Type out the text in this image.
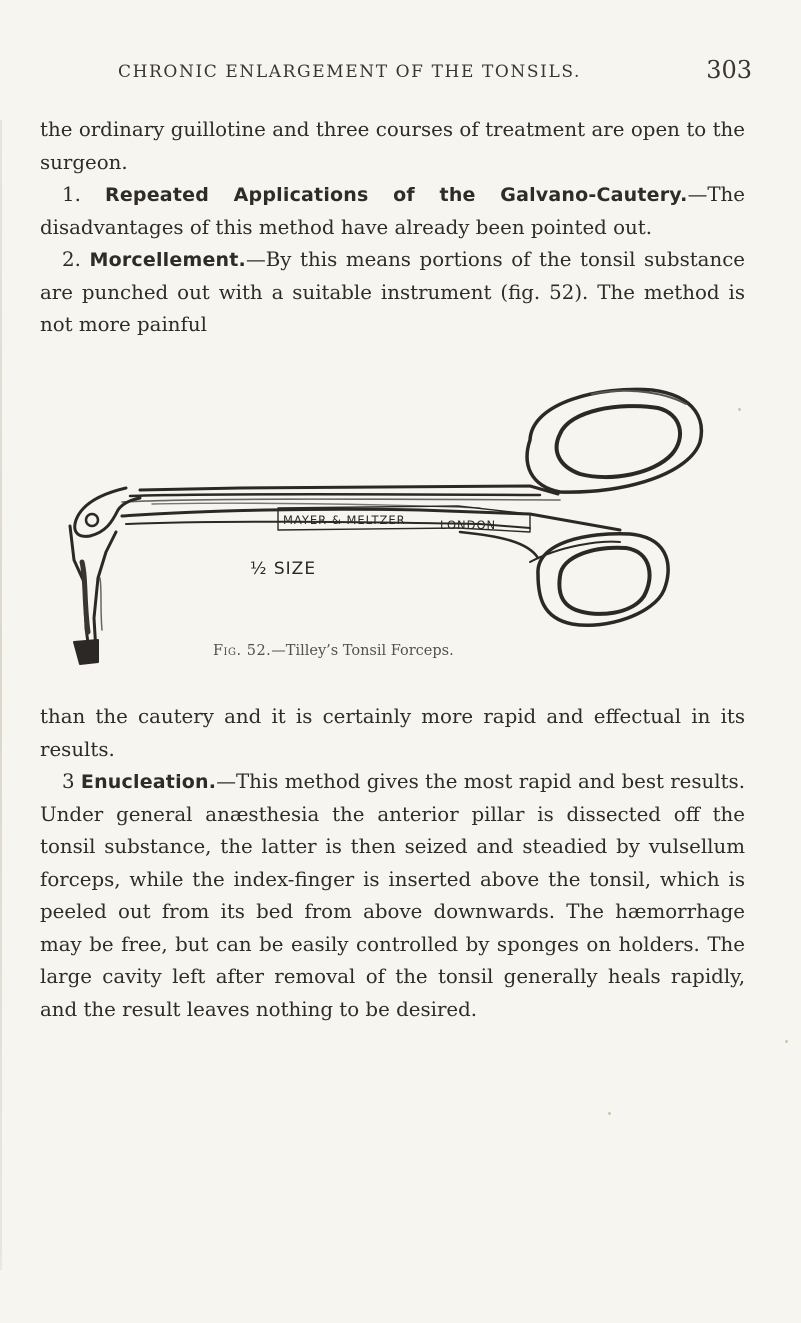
CHRONIC ENLARGEMENT OF THE TONSILS.	303

the ordinary guillotine and three courses of treatment are open to the surgeon.

1. Repeated Applications of the Galvano-Cautery.—The disadvantages of this method have already been pointed out.

2. Morcellement.—By this means portions of the tonsil substance are punched out with a suitable instrument (fig. 52). The method is not more painful

MAYER & MELTZER	LONDON
½ SIZE
Fig. 52.—Tilley’s Tonsil Forceps.

than the cautery and it is certainly more rapid and effectual in its results.

3 Enucleation.—This method gives the most rapid and best results. Under general anæsthesia the anterior pillar is dissected off the tonsil substance, the latter is then seized and steadied by vulsellum forceps, while the index-finger is inserted above the tonsil, which is peeled out from its bed from above downwards. The hæmorrhage may be free, but can be easily controlled by sponges on holders. The large cavity left after removal of the tonsil generally heals rapidly, and the result leaves nothing to be desired.
